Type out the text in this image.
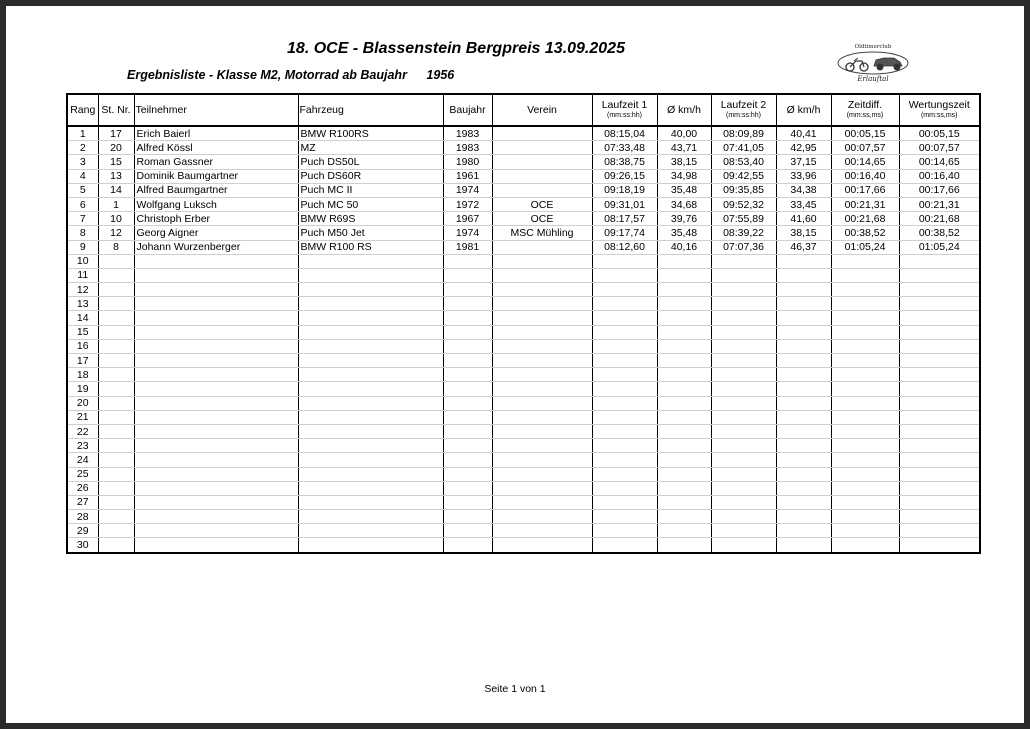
18. OCE - Blassenstein Bergpreis 13.09.2025
Ergebnisliste - Klasse M2, Motorrad ab Baujahr 1956
Oldtimerclub
Erlauftal
Rang	St. Nr.	Teilnehmer	Fahrzeug	Baujahr	Verein	Laufzeit 1
(mm:ss:hh)	Ø km/h	Laufzeit 2
(mm:ss:hh)	Ø km/h	Zeitdiff.
(mm:ss,ms)	Wertungszeit
(mm:ss,ms)

1	17	Erich Baierl	BMW R100RS	1983		08:15,04	40,00	08:09,89	40,41	00:05,15	00:05,15
2	20	Alfred Kössl	MZ	1983		07:33,48	43,71	07:41,05	42,95	00:07,57	00:07,57
3	15	Roman Gassner	Puch DS50L	1980		08:38,75	38,15	08:53,40	37,15	00:14,65	00:14,65
4	13	Dominik Baumgartner	Puch DS60R	1961		09:26,15	34,98	09:42,55	33,96	00:16,40	00:16,40
5	14	Alfred Baumgartner	Puch MC II	1974		09:18,19	35,48	09:35,85	34,38	00:17,66	00:17,66
6	1	Wolfgang Luksch	Puch MC 50	1972	OCE	09:31,01	34,68	09:52,32	33,45	00:21,31	00:21,31
7	10	Christoph Erber	BMW R69S	1967	OCE	08:17,57	39,76	07:55,89	41,60	00:21,68	00:21,68
8	12	Georg Aigner	Puch M50 Jet	1974	MSC Mühling	09:17,74	35,48	08:39,22	38,15	00:38,52	00:38,52
9	8	Johann Wurzenberger	BMW R100 RS	1981		08:12,60	40,16	07:07,36	46,37	01:05,24	01:05,24
10											
11											
12											
13											
14											
15											
16											
17											
18											
19											
20											
21											
22											
23											
24											
25											
26											
27											
28											
29											
30											
Seite 1 von 1
